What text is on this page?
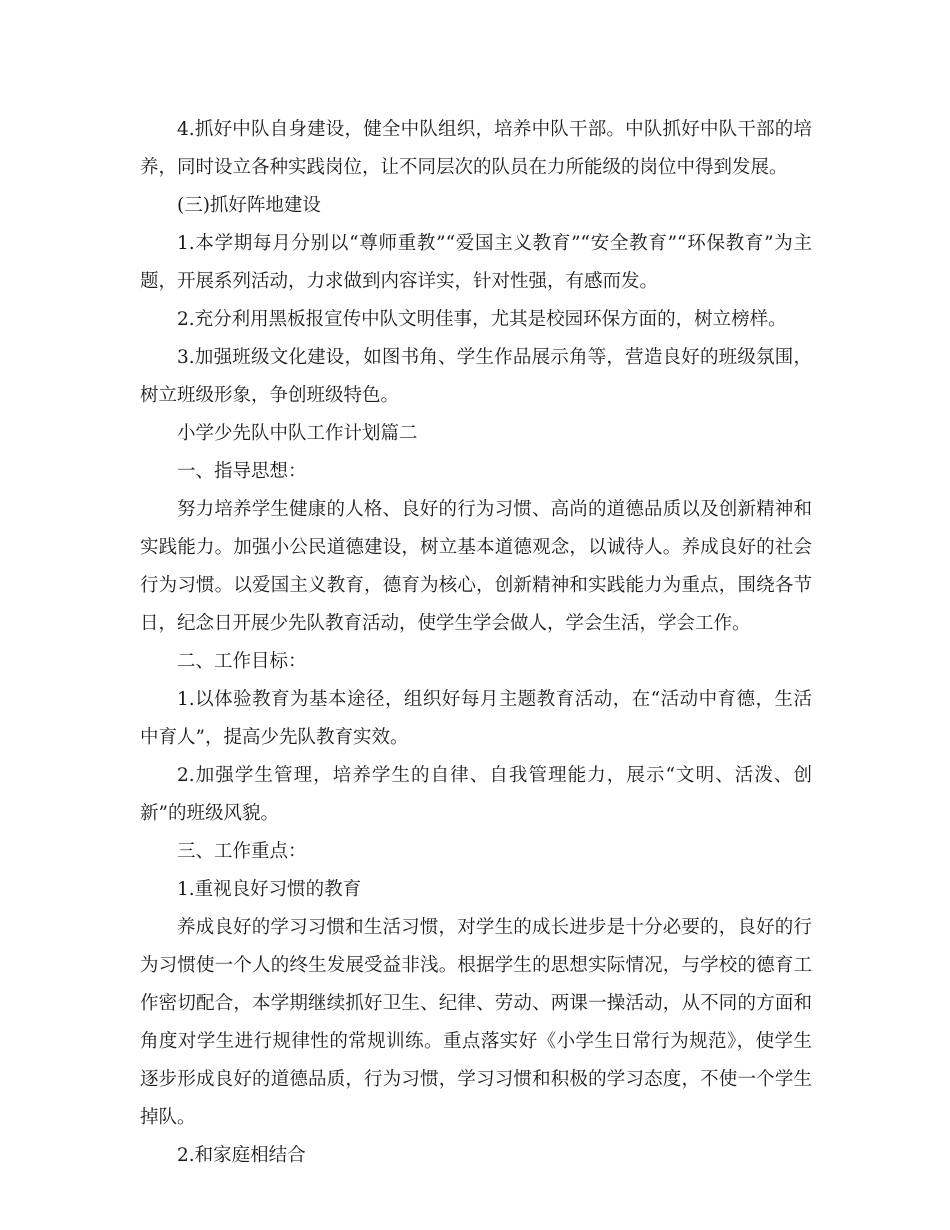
4.抓好中队自身建设，健全中队组织，培养中队干部。中队抓好中队干部的培养，同时设立各种实践岗位，让不同层次的队员在力所能级的岗位中得到发展。

(三)抓好阵地建设

1.本学期每月分别以“尊师重教”“爱国主义教育”“安全教育”“环保教育”为主题，开展系列活动，力求做到内容详实，针对性强，有感而发。

2.充分利用黑板报宣传中队文明佳事，尤其是校园环保方面的，树立榜样。

3.加强班级文化建设，如图书角、学生作品展示角等，营造良好的班级氛围，树立班级形象，争创班级特色。

小学少先队中队工作计划篇二

一、指导思想：

努力培养学生健康的人格、良好的行为习惯、高尚的道德品质以及创新精神和实践能力。加强小公民道德建设，树立基本道德观念，以诚待人。养成良好的社会行为习惯。以爱国主义教育，德育为核心，创新精神和实践能力为重点，围绕各节日，纪念日开展少先队教育活动，使学生学会做人，学会生活，学会工作。

二、工作目标：

1.以体验教育为基本途径，组织好每月主题教育活动，在“活动中育德，生活中育人”，提高少先队教育实效。

2.加强学生管理，培养学生的自律、自我管理能力，展示“文明、活泼、创新”的班级风貌。

三、工作重点：

1.重视良好习惯的教育

养成良好的学习习惯和生活习惯，对学生的成长进步是十分必要的，良好的行为习惯使一个人的终生发展受益非浅。根据学生的思想实际情况，与学校的德育工作密切配合，本学期继续抓好卫生、纪律、劳动、两课一操活动，从不同的方面和角度对学生进行规律性的常规训练。重点落实好《小学生日常行为规范》，使学生逐步形成良好的道德品质，行为习惯，学习习惯和积极的学习态度，不使一个学生掉队。

2.和家庭相结合
